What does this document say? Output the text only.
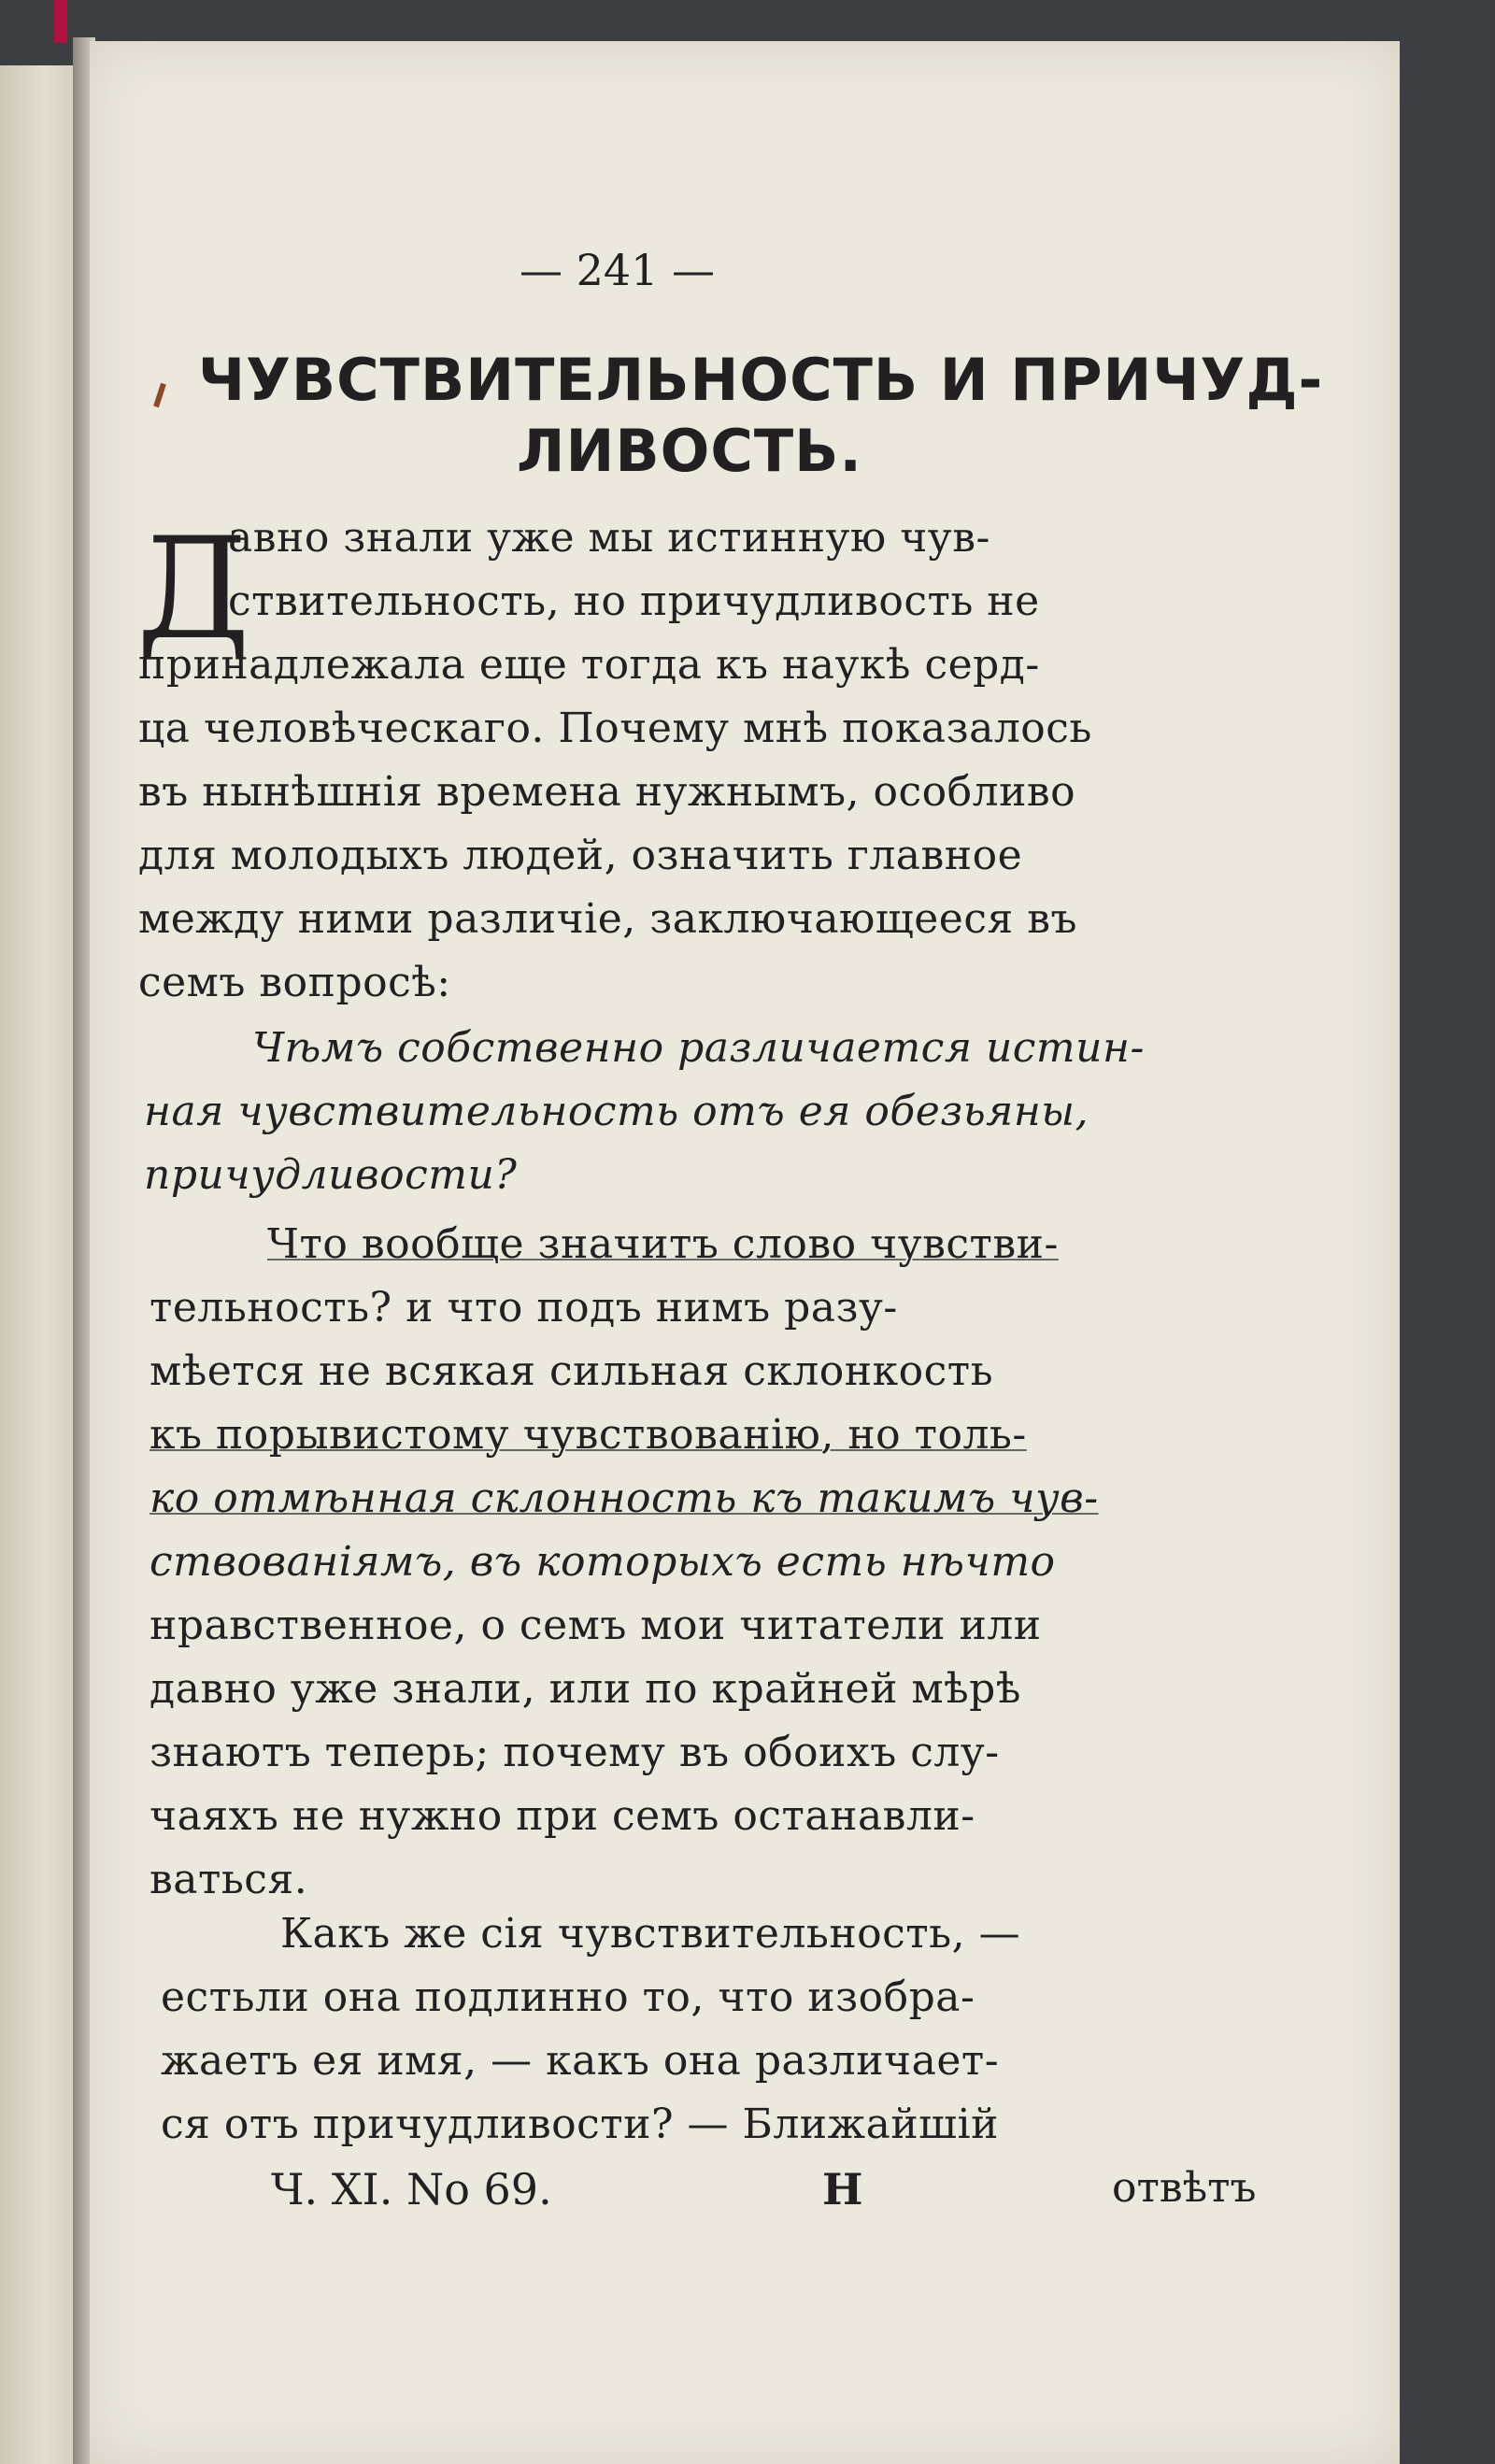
— 241 —
ЧУВСТВИТЕЛЬНОСТЬ И ПРИЧУД-
ЛИВОСТЬ.
Д
авно знали уже мы истинную чув-
ствительность, но причудливость не
принадлежала еще тогда къ наукѣ серд-
ца человѣческаго. Почему мнѣ показалось
въ нынѣшнія времена нужнымъ, особливо
для молодыхъ людей, означить главное
между ними различіе, заключающееся въ
семъ вопросѣ:
Чѣмъ собственно различается истин-
ная чувствительность отъ ея обезьяны,
причудливости?
Что вообще значитъ слово чувстви-
тельность? и что подъ нимъ разу-
мѣется не всякая сильная склонкость
къ порывистому чувствованію, но толь-
ко отмѣнная склонность къ такимъ чув-
ствованіямъ, въ которыхъ есть нѣчто
нравственное, о семъ мои читатели или
давно уже знали, или по крайней мѣрѣ
знаютъ теперь; почему въ обоихъ слу-
чаяхъ не нужно при семъ останавли-
ваться.
Какъ же сія чувствительность, —
естьли она подлинно то, что изобра-
жаетъ ея имя, — какъ она различает-
ся отъ причудливости? — Ближайшій
Ч. XI. No 69.	Н	отвѣтъ
